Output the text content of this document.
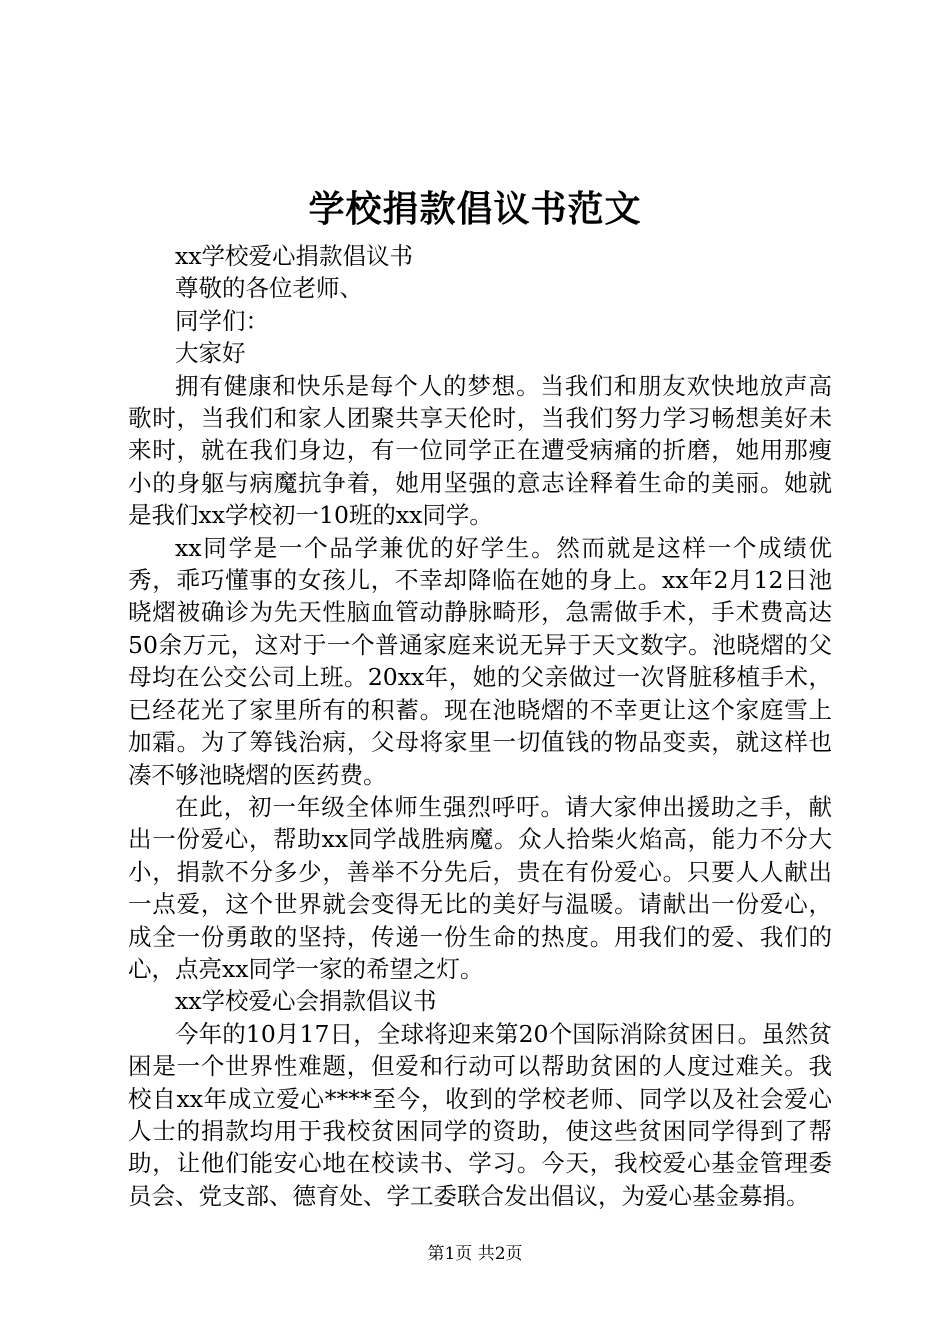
学校捐款倡议书范文

xx学校爱心捐款倡议书

尊敬的各位老师、

同学们：

大家好

拥有健康和快乐是每个人的梦想。当我们和朋友欢快地放声高歌时，当我们和家人团聚共享天伦时，当我们努力学习畅想美好未来时，就在我们身边，有一位同学正在遭受病痛的折磨，她用那瘦小的身躯与病魔抗争着，她用坚强的意志诠释着生命的美丽。她就是我们xx学校初一10班的xx同学。

xx同学是一个品学兼优的好学生。然而就是这样一个成绩优秀，乖巧懂事的女孩儿，不幸却降临在她的身上。xx年2月12日池晓熠被确诊为先天性脑血管动静脉畸形，急需做手术，手术费高达50余万元，这对于一个普通家庭来说无异于天文数字。池晓熠的父母均在公交公司上班。20xx年，她的父亲做过一次肾脏移植手术，已经花光了家里所有的积蓄。现在池晓熠的不幸更让这个家庭雪上加霜。为了筹钱治病，父母将家里一切值钱的物品变卖，就这样也凑不够池晓熠的医药费。

在此，初一年级全体师生强烈呼吁。请大家伸出援助之手，献出一份爱心，帮助xx同学战胜病魔。众人拾柴火焰高，能力不分大小，捐款不分多少，善举不分先后，贵在有份爱心。只要人人献出一点爱，这个世界就会变得无比的美好与温暖。请献出一份爱心，成全一份勇敢的坚持，传递一份生命的热度。用我们的爱、我们的心，点亮xx同学一家的希望之灯。

xx学校爱心会捐款倡议书

今年的10月17日，全球将迎来第20个国际消除贫困日。虽然贫困是一个世界性难题，但爱和行动可以帮助贫困的人度过难关。我校自xx年成立爱心****至今，收到的学校老师、同学以及社会爱心人士的捐款均用于我校贫困同学的资助，使这些贫困同学得到了帮助，让他们能安心地在校读书、学习。今天，我校爱心基金管理委员会、党支部、德育处、学工委联合发出倡议，为爱心基金募捐。

第1页 共2页
